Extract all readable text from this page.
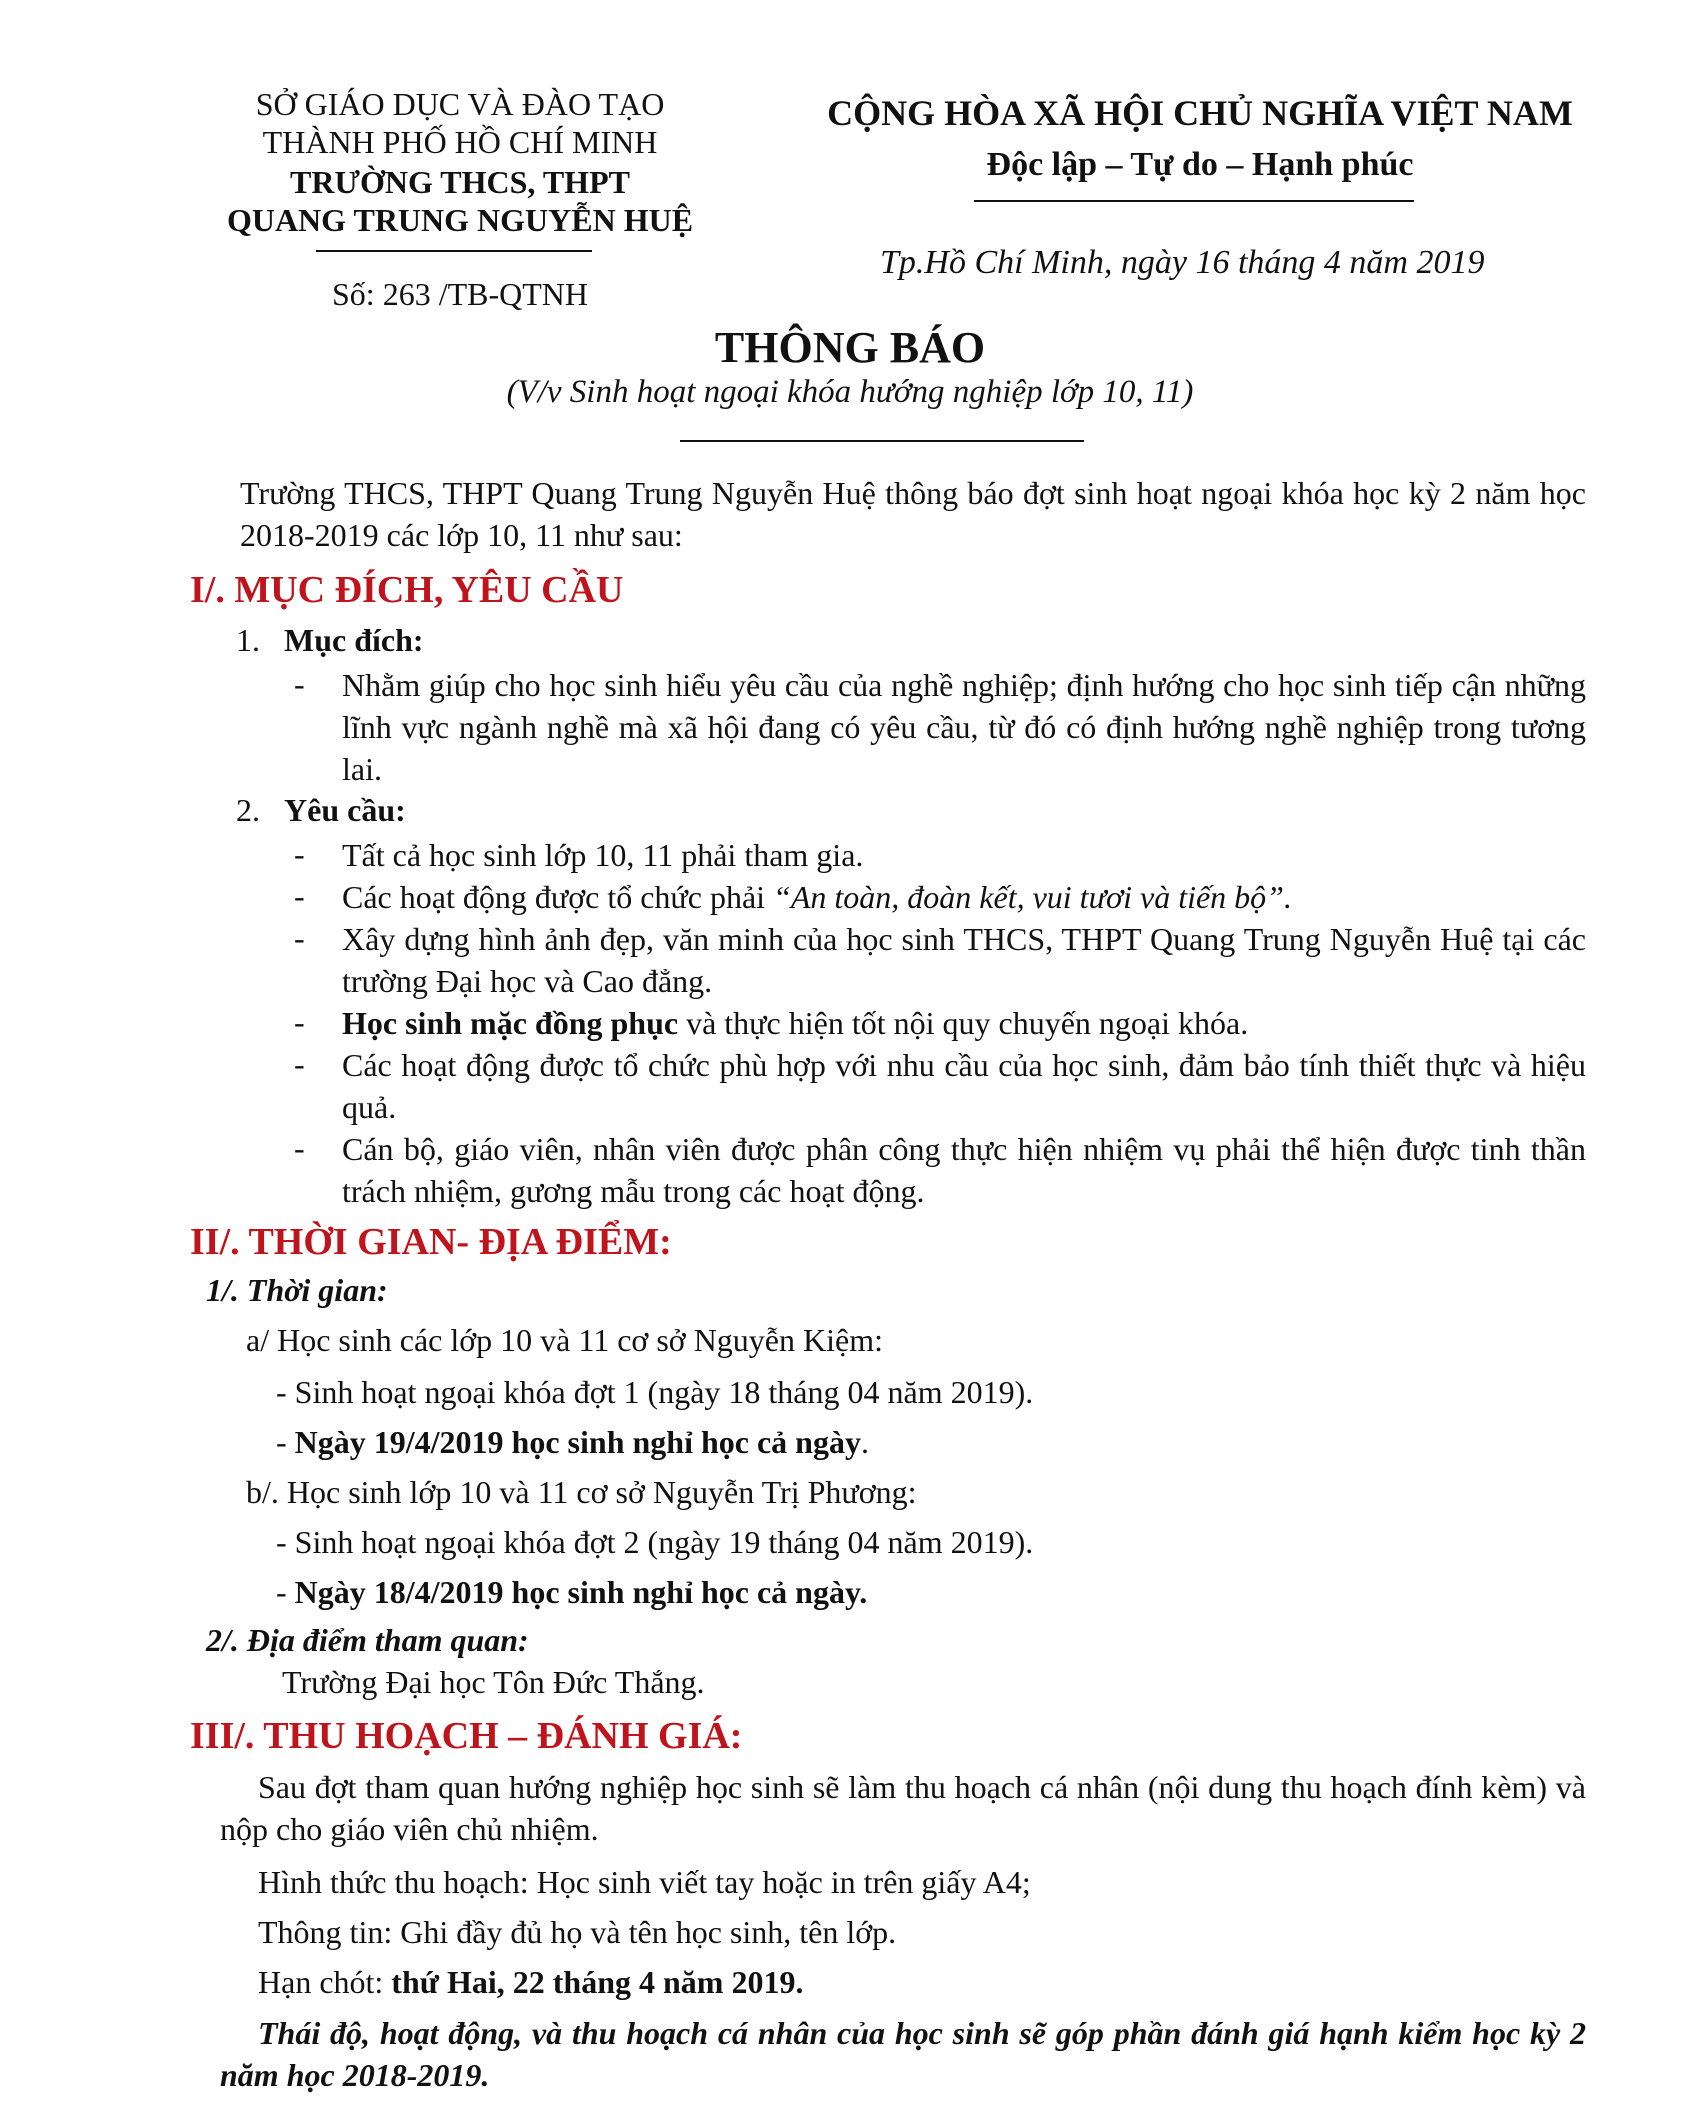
SỞ GIÁO DỤC VÀ ĐÀO TẠO
THÀNH PHỐ HỒ CHÍ MINH
TRƯỜNG THCS, THPT
QUANG TRUNG NGUYỄN HUỆ
Số: 263 /TB-QTNH
CỘNG HÒA XÃ HỘI CHỦ NGHĨA VIỆT NAM
Độc lập – Tự do – Hạnh phúc
Tp.Hồ Chí Minh, ngày 16 tháng 4 năm 2019
THÔNG BÁO
(V/v Sinh hoạt ngoại khóa hướng nghiệp lớp 10, 11)
Trường THCS, THPT Quang Trung Nguyễn Huệ thông báo đợt sinh hoạt ngoại khóa học kỳ 2 năm học 2018-2019 các lớp 10, 11 như sau:
I/. MỤC ĐÍCH, YÊU CẦU
1. Mục đích:
- Nhằm giúp cho học sinh hiểu yêu cầu của nghề nghiệp; định hướng cho học sinh tiếp cận những lĩnh vực ngành nghề mà xã hội đang có yêu cầu, từ đó có định hướng nghề nghiệp trong tương lai.
2. Yêu cầu:
- Tất cả học sinh lớp 10, 11 phải tham gia.
- Các hoạt động được tổ chức phải “An toàn, đoàn kết, vui tươi và tiến bộ”.
- Xây dựng hình ảnh đẹp, văn minh của học sinh THCS, THPT Quang Trung Nguyễn Huệ tại các trường Đại học và Cao đẳng.
- Học sinh mặc đồng phục và thực hiện tốt nội quy chuyến ngoại khóa.
- Các hoạt động được tổ chức phù hợp với nhu cầu của học sinh, đảm bảo tính thiết thực và hiệu quả.
- Cán bộ, giáo viên, nhân viên được phân công thực hiện nhiệm vụ phải thể hiện được tinh thần trách nhiệm, gương mẫu trong các hoạt động.
II/. THỜI GIAN- ĐỊA ĐIỂM:
1/. Thời gian:
a/ Học sinh các lớp 10 và 11 cơ sở Nguyễn Kiệm:
- Sinh hoạt ngoại khóa đợt 1 (ngày 18 tháng 04 năm 2019).
- Ngày 19/4/2019 học sinh nghỉ học cả ngày.
b/. Học sinh lớp 10 và 11 cơ sở Nguyễn Trị Phương:
- Sinh hoạt ngoại khóa đợt 2 (ngày 19 tháng 04 năm 2019).
- Ngày 18/4/2019 học sinh nghỉ học cả ngày.
2/. Địa điểm tham quan:
Trường Đại học Tôn Đức Thắng.
III/. THU HOẠCH – ĐÁNH GIÁ:
Sau đợt tham quan hướng nghiệp học sinh sẽ làm thu hoạch cá nhân (nội dung thu hoạch đính kèm) và nộp cho giáo viên chủ nhiệm.
Hình thức thu hoạch: Học sinh viết tay hoặc in trên giấy A4;
Thông tin: Ghi đầy đủ họ và tên học sinh, tên lớp.
Hạn chót: thứ Hai, 22 tháng 4 năm 2019.
Thái độ, hoạt động, và thu hoạch cá nhân của học sinh sẽ góp phần đánh giá hạnh kiểm học kỳ 2 năm học 2018-2019.
